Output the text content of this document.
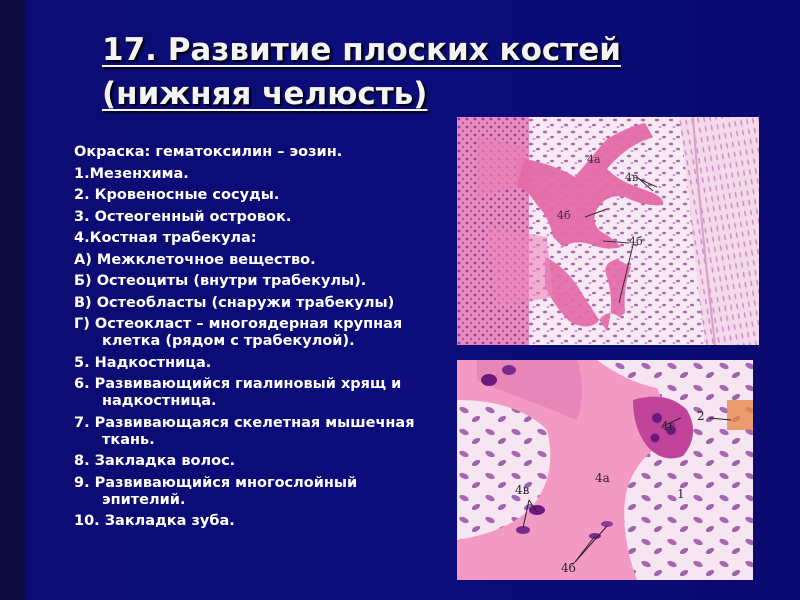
17. Развитие плоских костей
(нижняя челюсть)
Окраска: гематоксилин – эозин.
1.Мезенхима.
2. Кровеносные сосуды.
3. Остеогенный островок.
4.Костная трабекула:
А) Межклеточное вещество.
Б) Остеоциты (внутри трабекулы).
В) Остеобласты (снаружи трабекулы)
Г) Остеокласт – многоядерная крупная клетка (рядом с трабекулой).
5. Надкостница.
6. Развивающийся гиалиновый хрящ и надкостница.
7. Развивающаяся скелетная мышечная ткань.
8. Закладка волос.
9. Развивающийся многослойный эпителий.
10. Закладка зуба.
4а
4в
4б
4б
4г
2
4а
4в	1
4б
